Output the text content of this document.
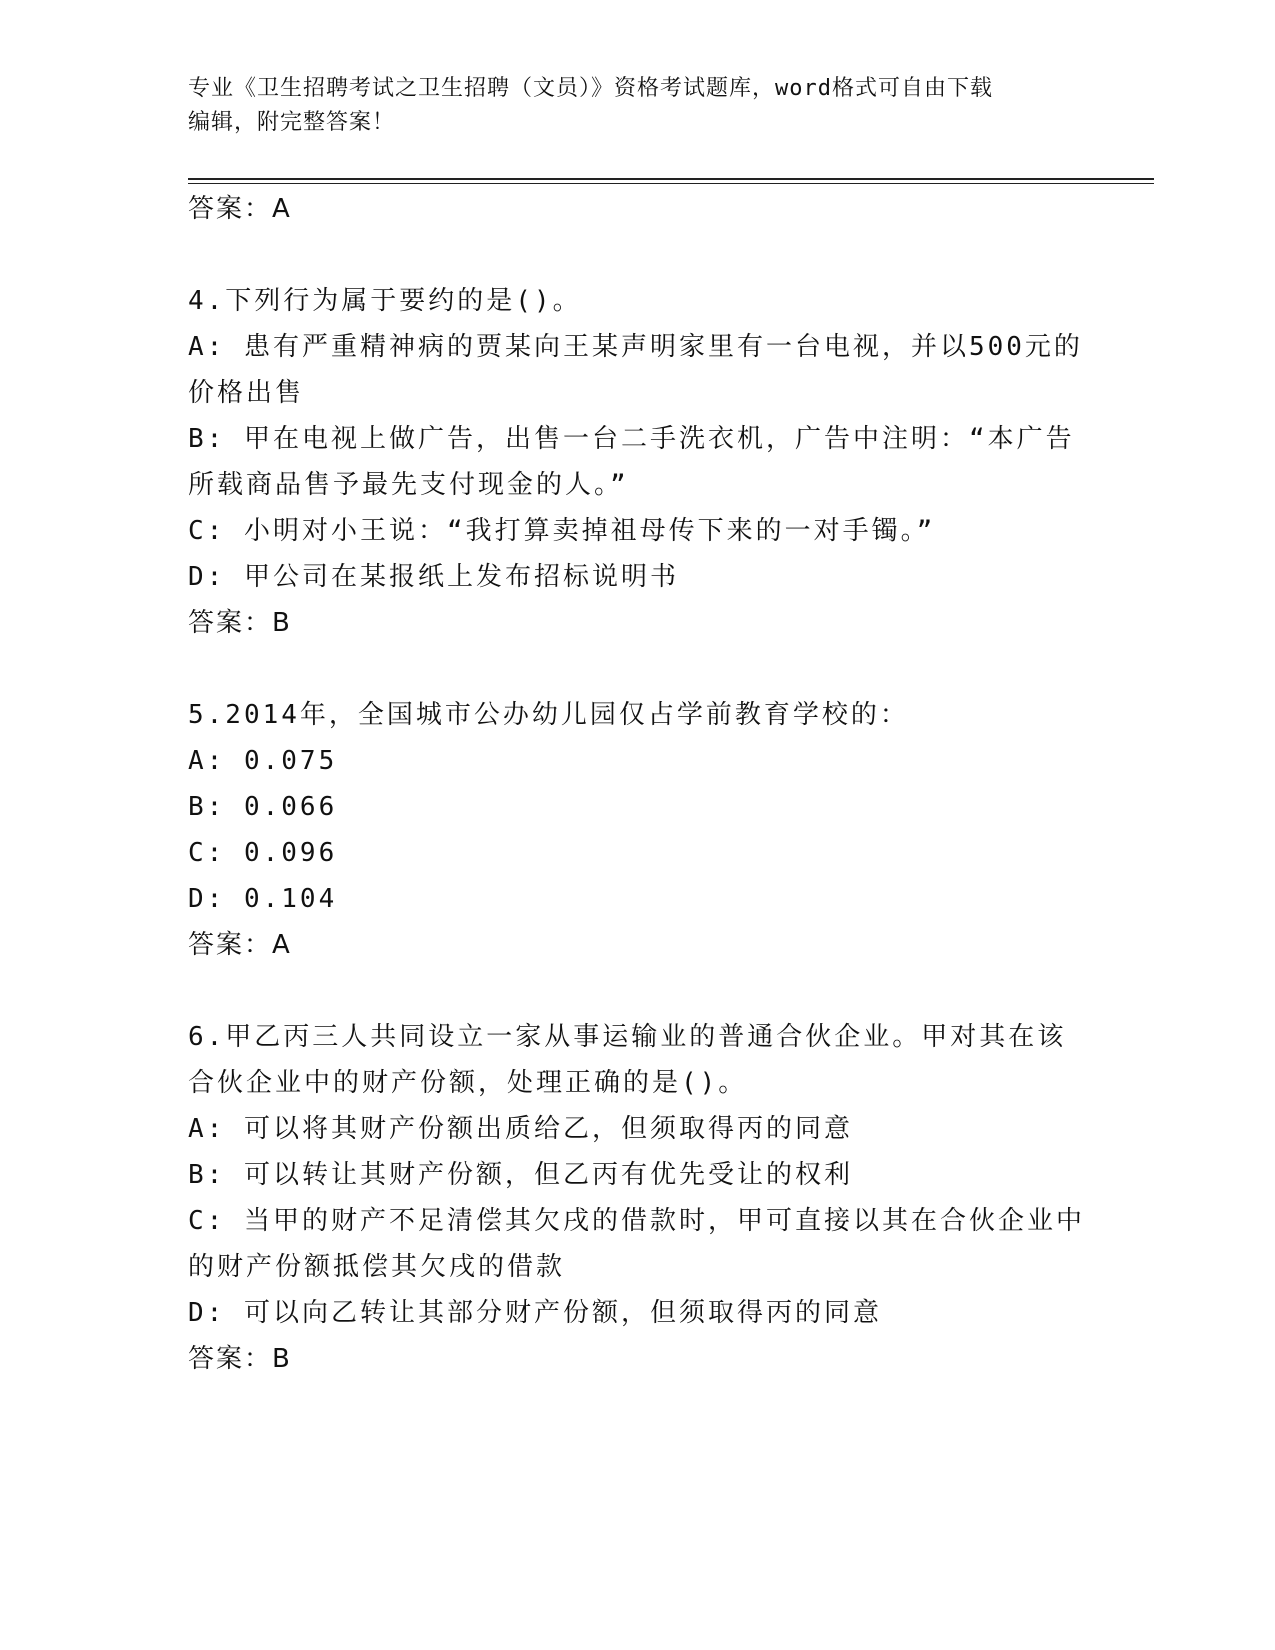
专业《卫生招聘考试之卫生招聘（文员）》资格考试题库，word格式可自由下载
编辑，附完整答案！
答案：A
4.下列行为属于要约的是()。
A: 患有严重精神病的贾某向王某声明家里有一台电视，并以500元的
价格出售
B: 甲在电视上做广告，出售一台二手洗衣机，广告中注明：“本广告
所载商品售予最先支付现金的人。”
C: 小明对小王说：“我打算卖掉祖母传下来的一对手镯。”
D: 甲公司在某报纸上发布招标说明书
答案：B
5.2014年，全国城市公办幼儿园仅占学前教育学校的：
A: 0.075
B: 0.066
C: 0.096
D: 0.104
答案：A
6.甲乙丙三人共同设立一家从事运输业的普通合伙企业。甲对其在该
合伙企业中的财产份额，处理正确的是()。
A: 可以将其财产份额出质给乙，但须取得丙的同意
B: 可以转让其财产份额，但乙丙有优先受让的权利
C: 当甲的财产不足清偿其欠戌的借款时，甲可直接以其在合伙企业中
的财产份额抵偿其欠戌的借款
D: 可以向乙转让其部分财产份额，但须取得丙的同意
答案：B
